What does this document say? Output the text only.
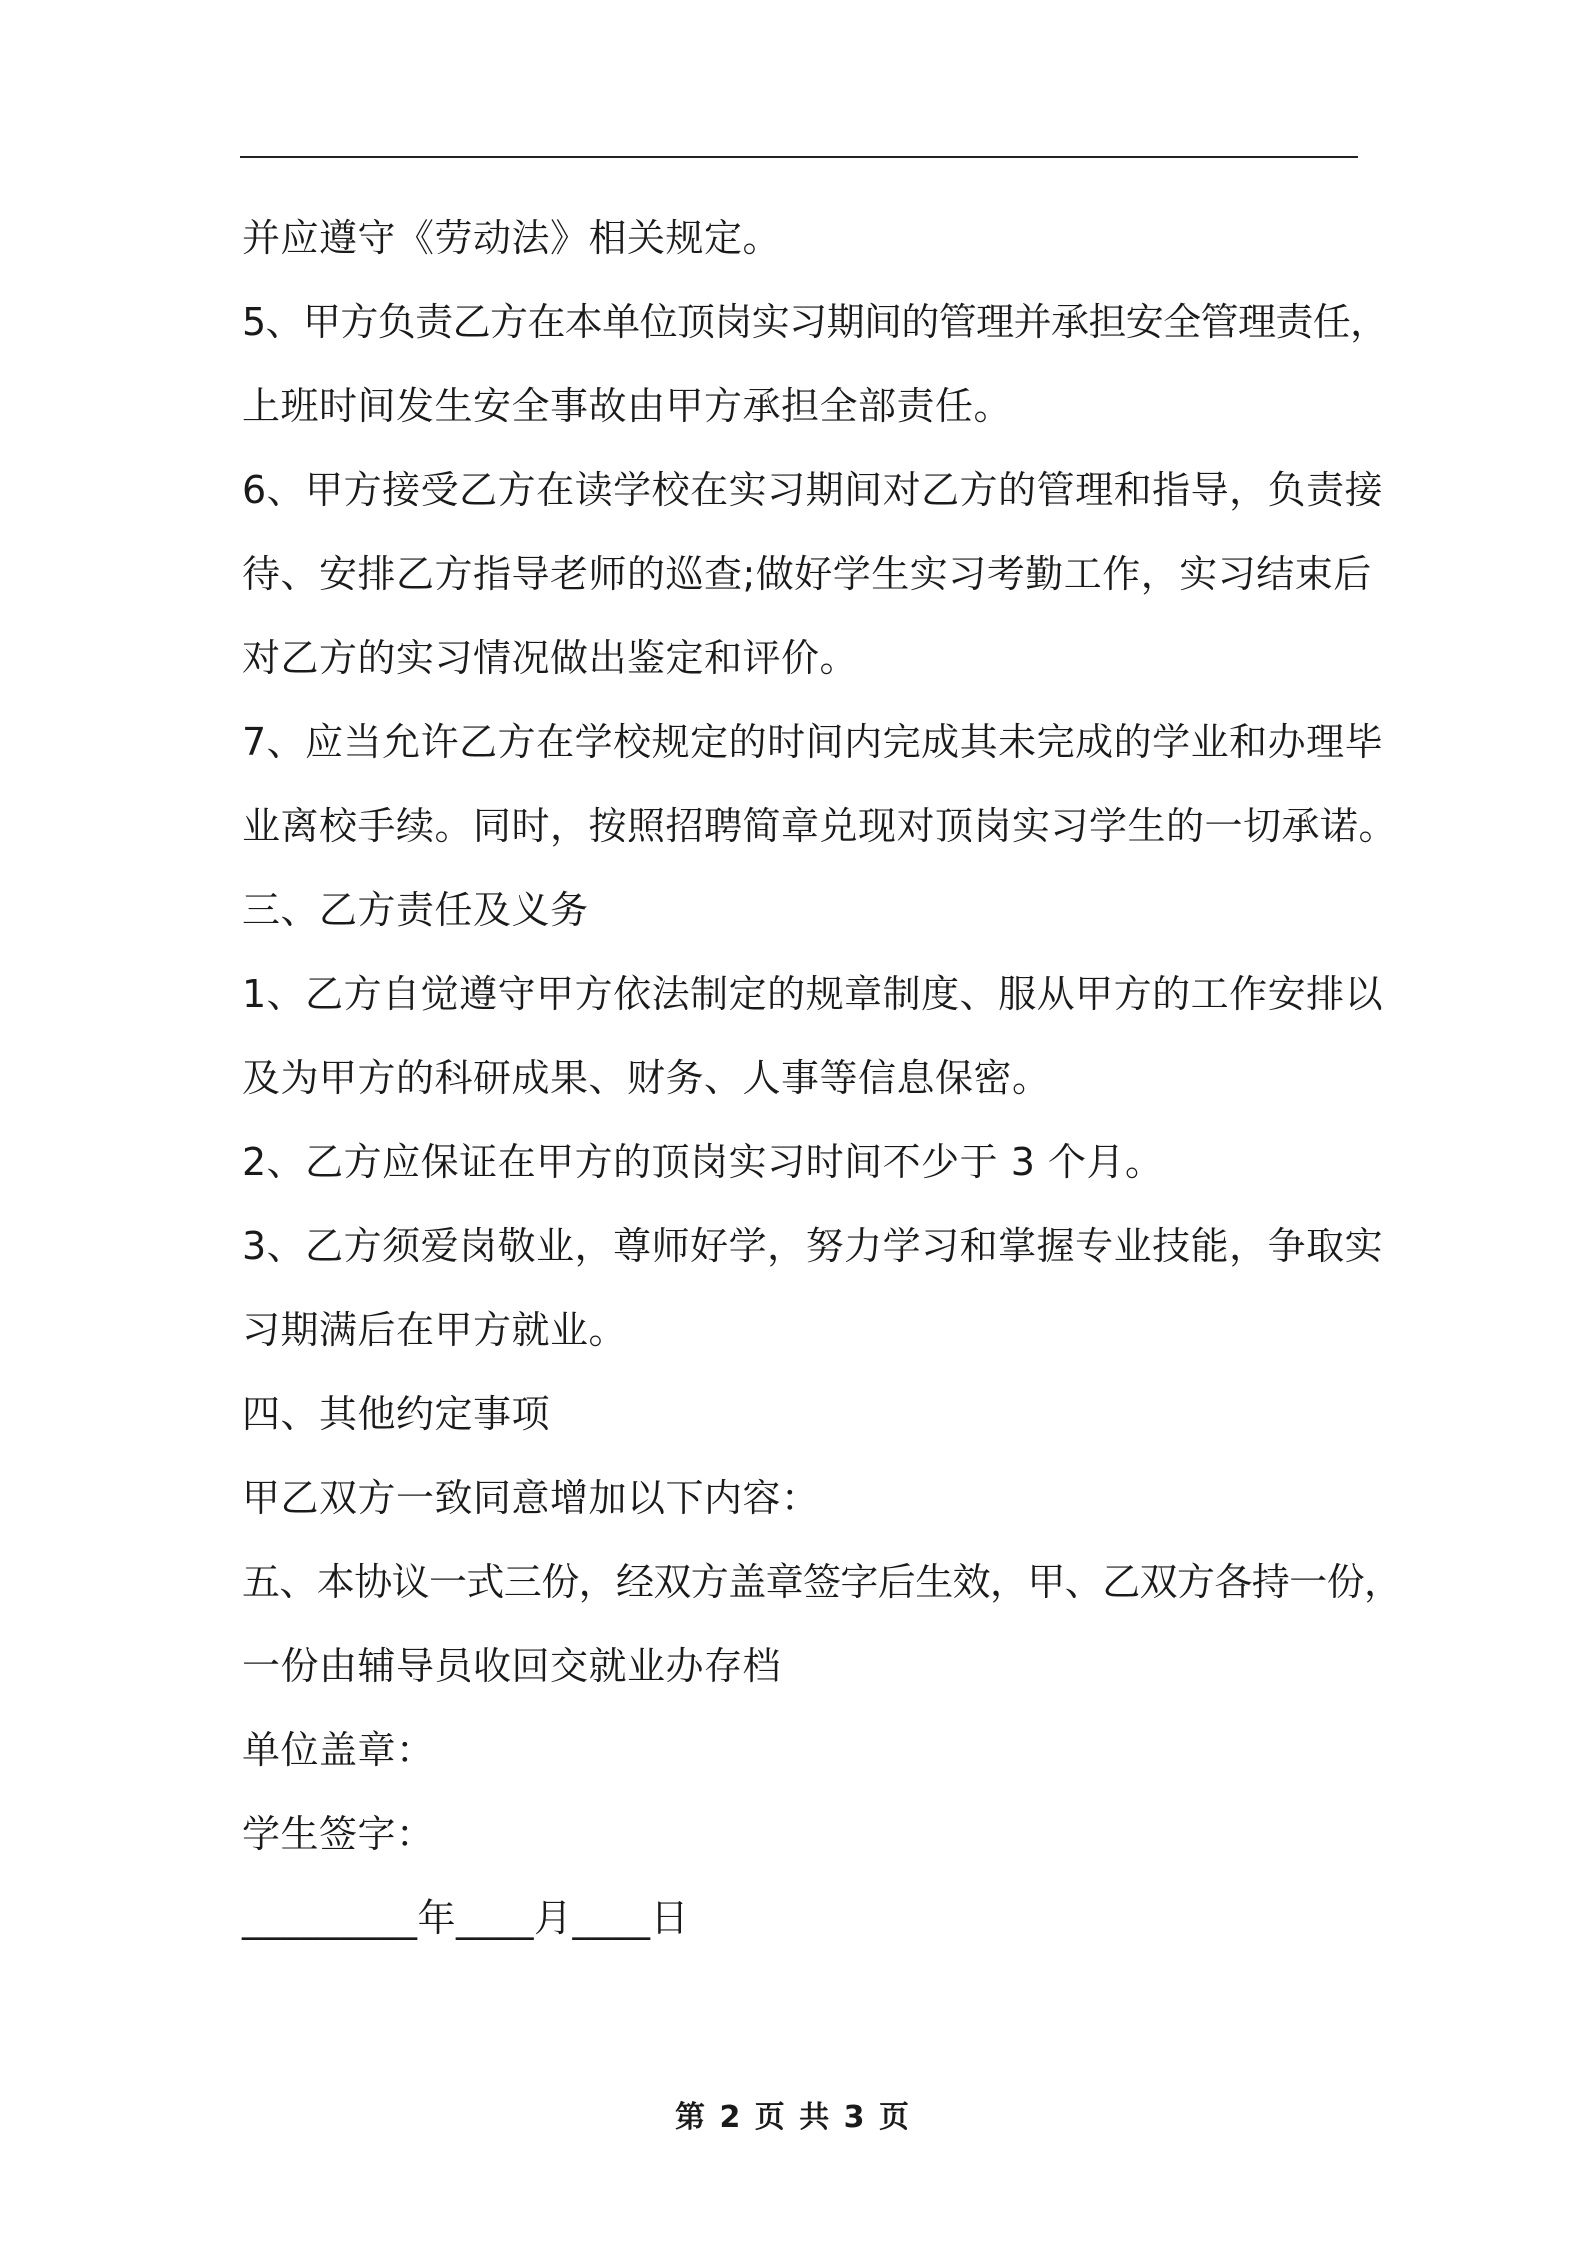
并应遵守《劳动法》相关规定。
5、甲方负责乙方在本单位顶岗实习期间的管理并承担安全管理责任，
上班时间发生安全事故由甲方承担全部责任。
6、甲方接受乙方在读学校在实习期间对乙方的管理和指导，负责接
待、安排乙方指导老师的巡查;做好学生实习考勤工作，实习结束后
对乙方的实习情况做出鉴定和评价。
7、应当允许乙方在学校规定的时间内完成其未完成的学业和办理毕
业离校手续。同时，按照招聘简章兑现对顶岗实习学生的一切承诺。
三、乙方责任及义务
1、乙方自觉遵守甲方依法制定的规章制度、服从甲方的工作安排以
及为甲方的科研成果、财务、人事等信息保密。
2、乙方应保证在甲方的顶岗实习时间不少于 3 个月。
3、乙方须爱岗敬业，尊师好学，努力学习和掌握专业技能，争取实
习期满后在甲方就业。
四、其他约定事项
甲乙双方一致同意增加以下内容：
五、本协议一式三份，经双方盖章签字后生效，甲、乙双方各持一份，
一份由辅导员收回交就业办存档
单位盖章：
学生签字：
_________年____月____日
第 2 页 共 3 页
